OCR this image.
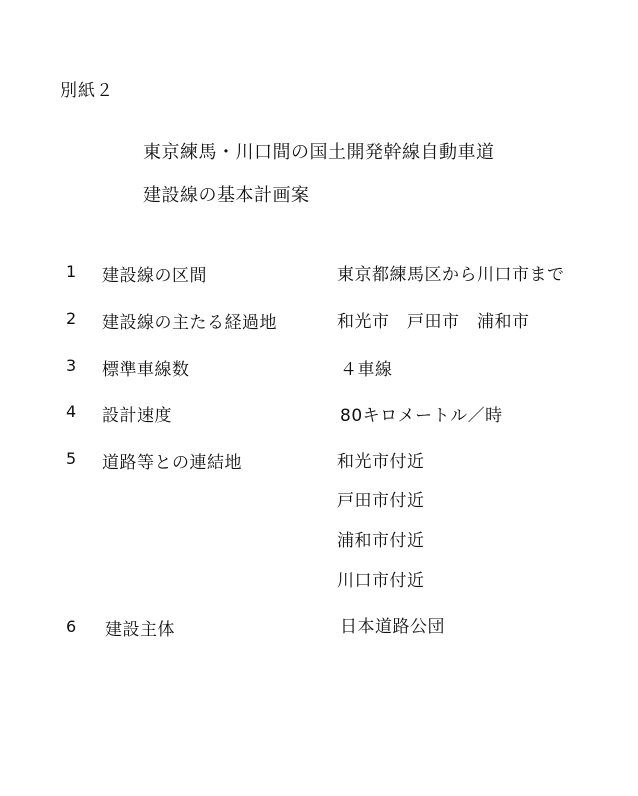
別紙２
東京練馬・川口間の国土開発幹線自動車道
建設線の基本計画案
1 建設線の区間	東京都練馬区から川口市まで
2 建設線の主たる経過地	和光市　戸田市　浦和市
3 標準車線数	４車線
4 設計速度	80キロメートル／時
5 道路等との連結地	和光市付近
戸田市付近
浦和市付近
川口市付近
6 建設主体	日本道路公団
